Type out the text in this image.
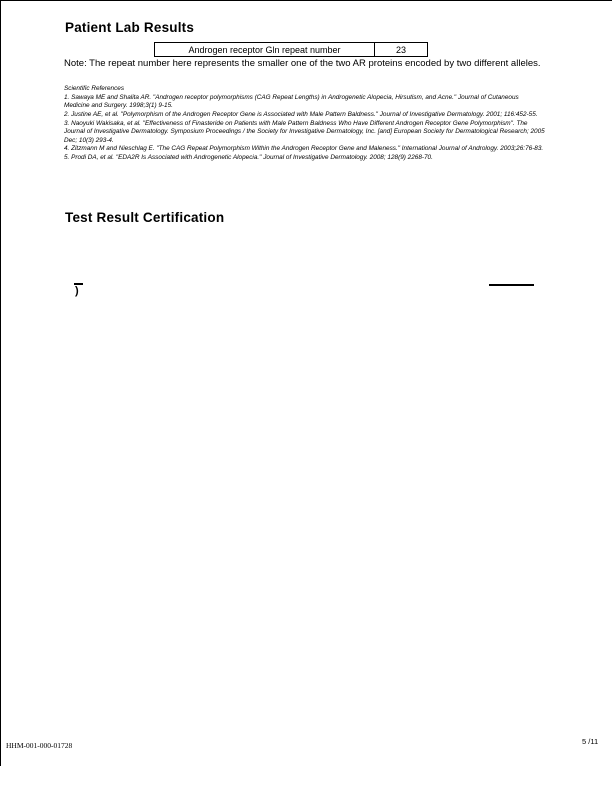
Patient Lab Results
Androgen receptor Gln repeat number	23
Note: The repeat number here represents the smaller one of the two AR proteins encoded by two different alleles.

Scientific References

1. Sawaya ME and Shalita AR. "Androgen receptor polymorphisms (CAG Repeat Lengths) in Androgenetic Alopecia, Hirsutism, and Acne." Journal of Cutaneous Medicine and Surgery. 1998;3(1) 9-15.

2. Justine AE, et al. "Polymorphism of the Androgen Receptor Gene is Associated with Male Pattern Baldness." Journal of Investigative Dermatology. 2001; 116:452-55.

3. Naoyuki Wakisaka, et al. "Effectiveness of Finasteride on Patients with Male Pattern Baldness Who Have Different Androgen Receptor Gene Polymorphism". The Journal of Investigative Dermatology. Symposium Proceedings / the Society for Investigative Dermatology, Inc. [and] European Society for Dermatological Research; 2005 Dec; 10(3) 293-4.

4. Zitzmann M and Nieschlag E. "The CAG Repeat Polymorphism Within the Androgen Receptor Gene and Maleness." International Journal of Andrology. 2003;26:76-83.

5. Prodi DA, et al. "EDA2R Is Associated with Androgenetic Alopecia." Journal of Investigative Dermatology. 2008; 128(9) 2268-70.

Test Result Certification
)
HHM-001-000-01728	5 /11
